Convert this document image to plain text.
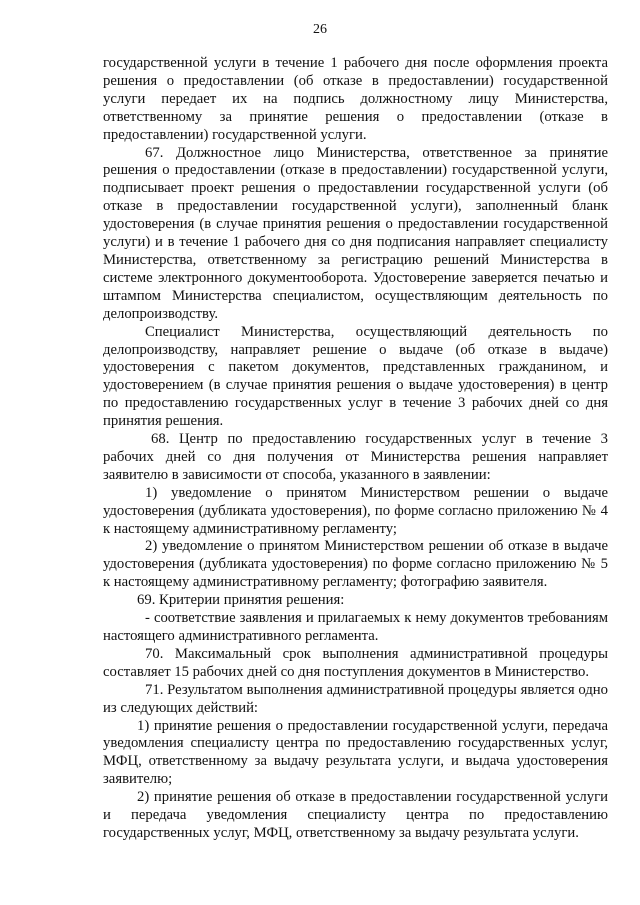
26

государственной услуги в течение 1 рабочего дня после оформления проекта решения о предоставлении (об отказе в предоставлении) государственной услуги передает их на подпись должностному лицу Министерства, ответственному за принятие решения о предоставлении (отказе в предоставлении) государственной услуги.

67. Должностное лицо Министерства, ответственное за принятие решения о предоставлении (отказе в предоставлении) государственной услуги, подписывает проект решения о предоставлении государственной услуги (об отказе в предоставлении государственной услуги), заполненный бланк удостоверения (в случае принятия решения о предоставлении государственной услуги) и в течение 1 рабочего дня со дня подписания направляет специалисту Министерства, ответственному за регистрацию решений Министерства в системе электронного документооборота. Удостоверение заверяется печатью и штампом Министерства специалистом, осуществляющим деятельность по делопроизводству.

Специалист Министерства, осуществляющий деятельность по делопроизводству, направляет решение о выдаче (об отказе в выдаче) удостоверения с пакетом документов, представленных гражданином, и удостоверением (в случае принятия решения о выдаче удостоверения) в центр по предоставлению государственных услуг в течение 3 рабочих дней со дня принятия решения.

68. Центр по предоставлению государственных услуг в течение 3 рабочих дней со дня получения от Министерства решения направляет заявителю в зависимости от способа, указанного в заявлении:

1) уведомление о принятом Министерством решении о выдаче удостоверения (дубликата удостоверения), по форме согласно приложению № 4 к настоящему административному регламенту;

2) уведомление о принятом Министерством решении об отказе в выдаче удостоверения (дубликата удостоверения) по форме согласно приложению № 5 к настоящему административному регламенту; фотографию заявителя.

69. Критерии принятия решения:

- соответствие заявления и прилагаемых к нему документов требованиям настоящего административного регламента.

70. Максимальный срок выполнения административной процедуры составляет 15 рабочих дней со дня поступления документов в Министерство.

71. Результатом выполнения административной процедуры является одно из следующих действий:

1) принятие решения о предоставлении государственной услуги, передача уведомления специалисту центра по предоставлению государственных услуг, МФЦ, ответственному за выдачу результата услуги, и выдача удостоверения заявителю;

2) принятие решения об отказе в предоставлении государственной услуги и передача уведомления специалисту центра по предоставлению государственных услуг, МФЦ, ответственному за выдачу результата услуги.
